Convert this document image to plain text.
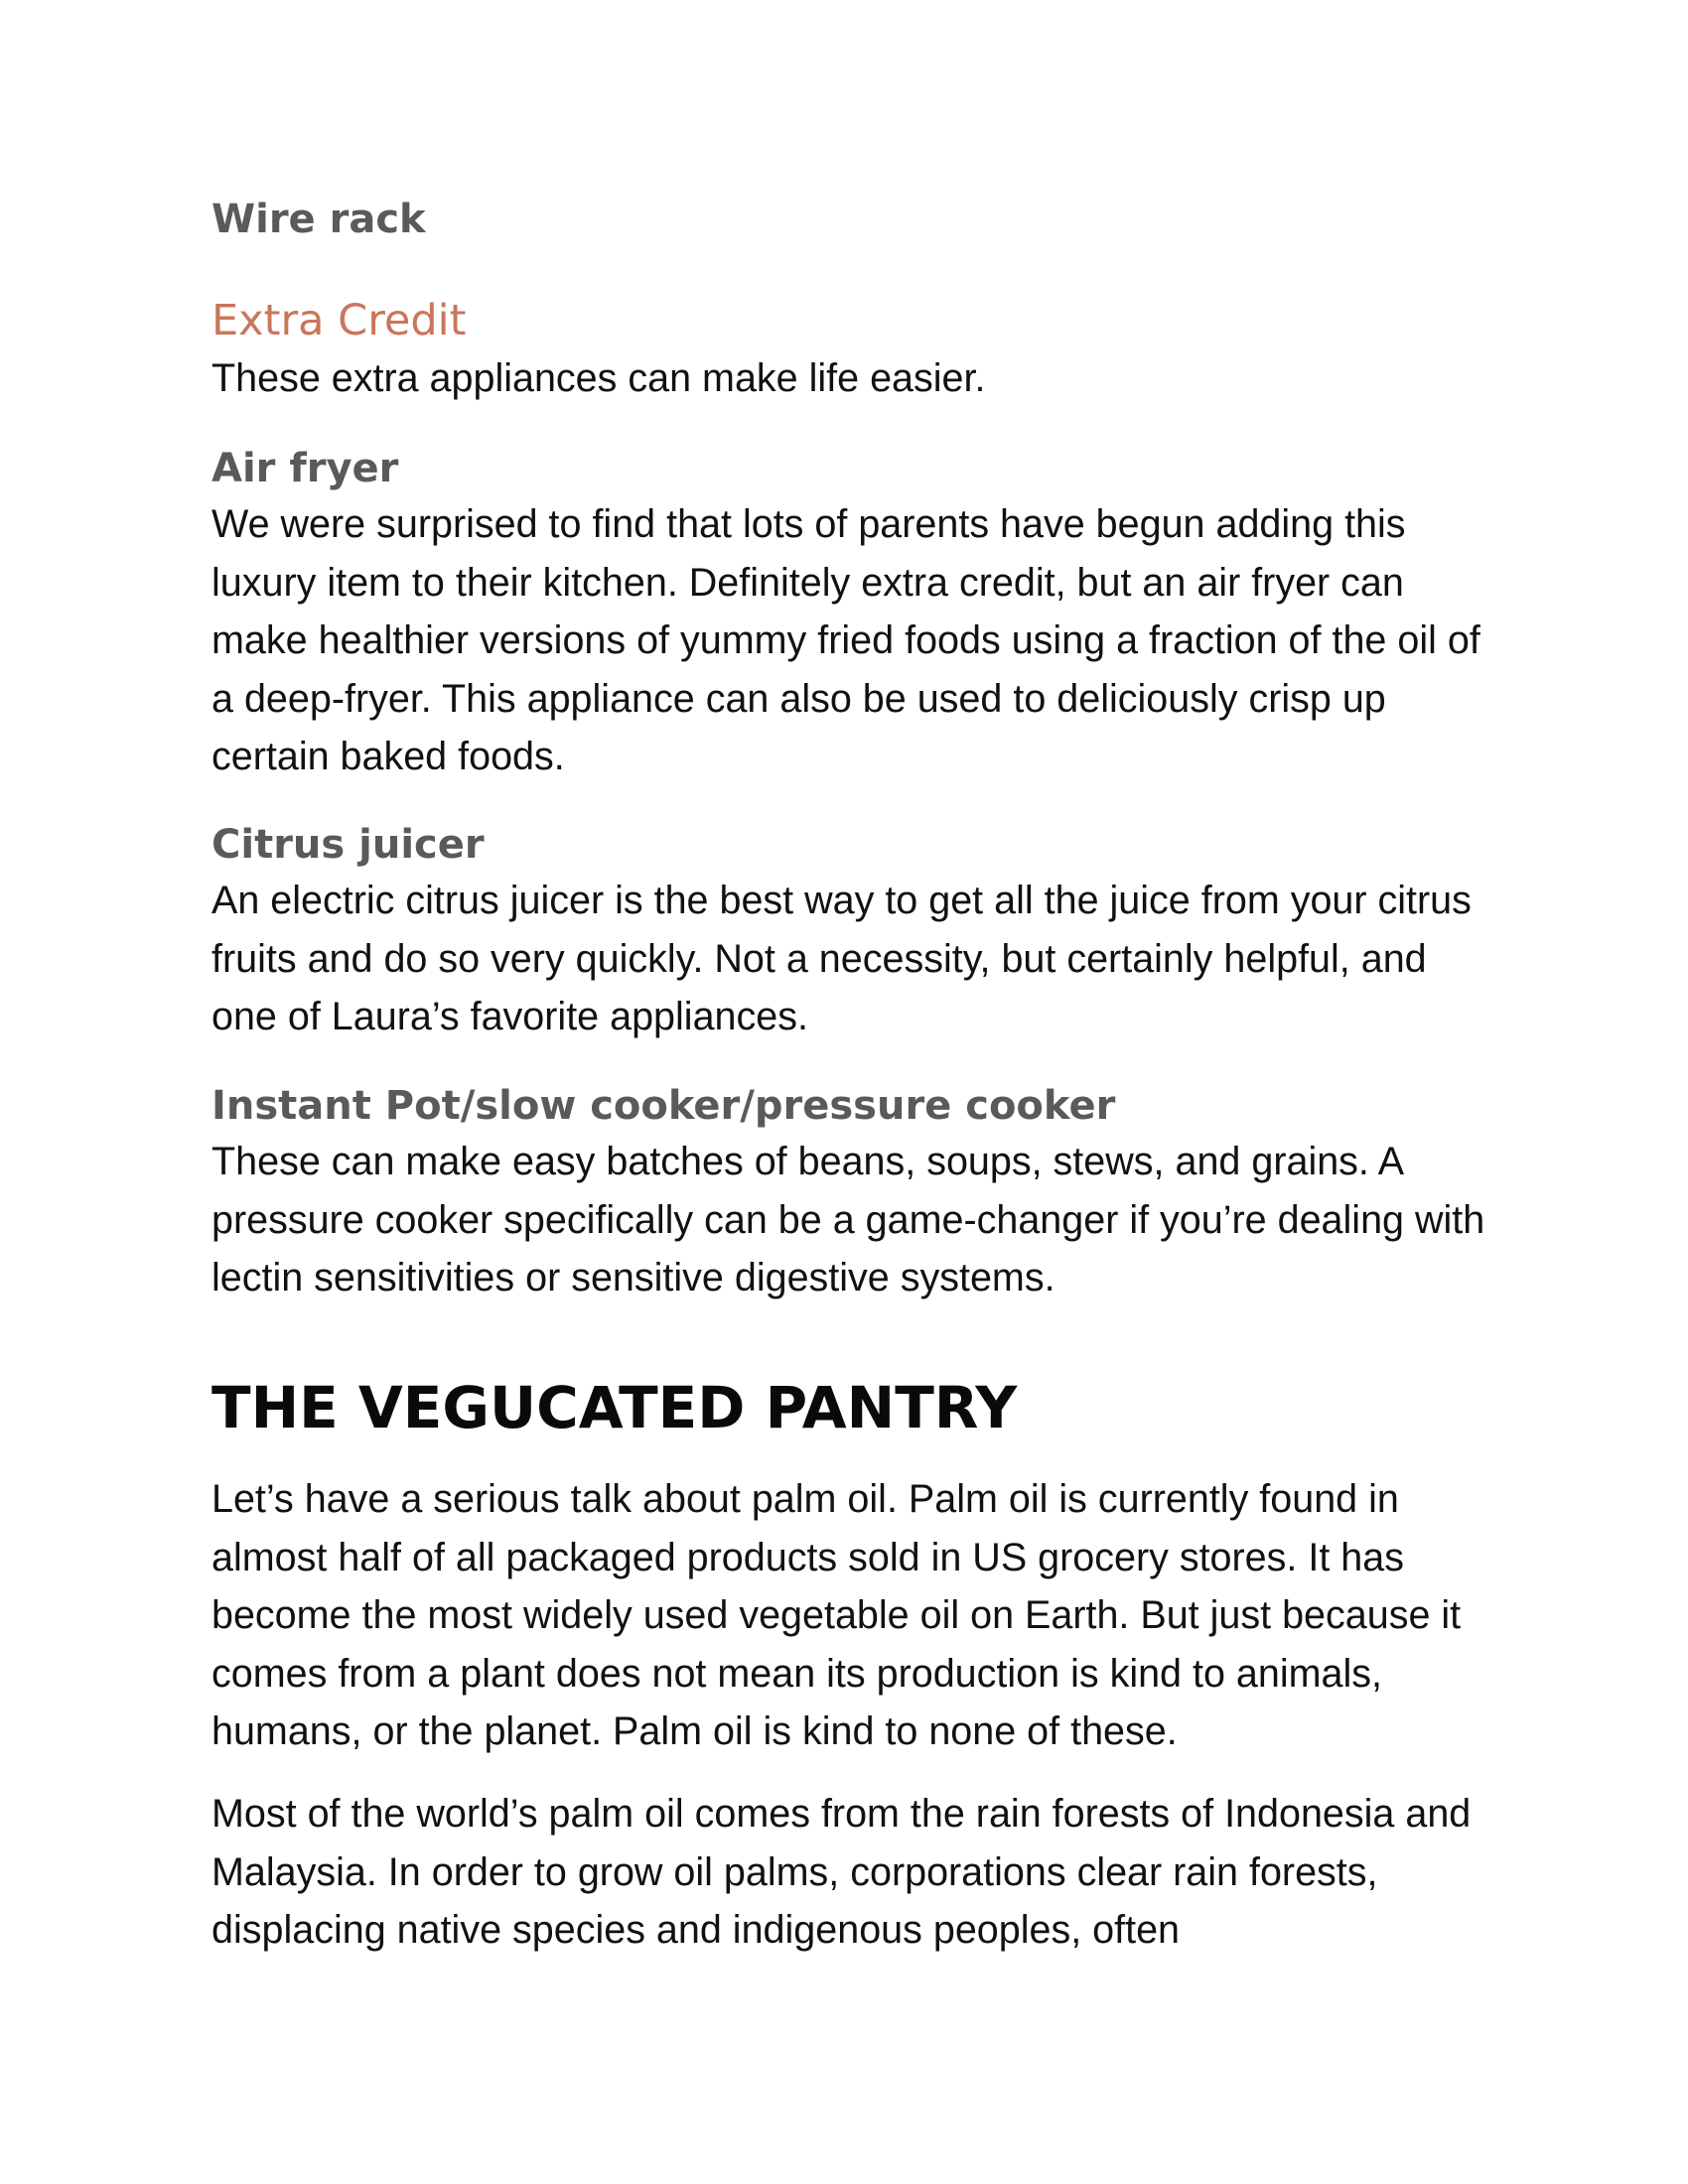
Wire rack
Extra Credit

These extra appliances can make life easier.

Air fryer

We were surprised to find that lots of parents have begun adding this luxury item to their kitchen. Definitely extra credit, but an air fryer can make healthier versions of yummy fried foods using a fraction of the oil of a deep-fryer. This appliance can also be used to deliciously crisp up certain baked foods.

Citrus juicer

An electric citrus juicer is the best way to get all the juice from your citrus fruits and do so very quickly. Not a necessity, but certainly helpful, and one of Laura’s favorite appliances.

Instant Pot/slow cooker/pressure cooker

These can make easy batches of beans, soups, stews, and grains. A pressure cooker specifically can be a game-changer if you’re dealing with lectin sensitivities or sensitive digestive systems.

THE VEGUCATED PANTRY

Let’s have a serious talk about palm oil. Palm oil is currently found in almost half of all packaged products sold in US grocery stores. It has become the most widely used vegetable oil on Earth. But just because it comes from a plant does not mean its production is kind to animals, humans, or the planet. Palm oil is kind to none of these.

Most of the world’s palm oil comes from the rain forests of Indonesia and Malaysia. In order to grow oil palms, corporations clear rain forests, displacing native species and indigenous peoples, often
